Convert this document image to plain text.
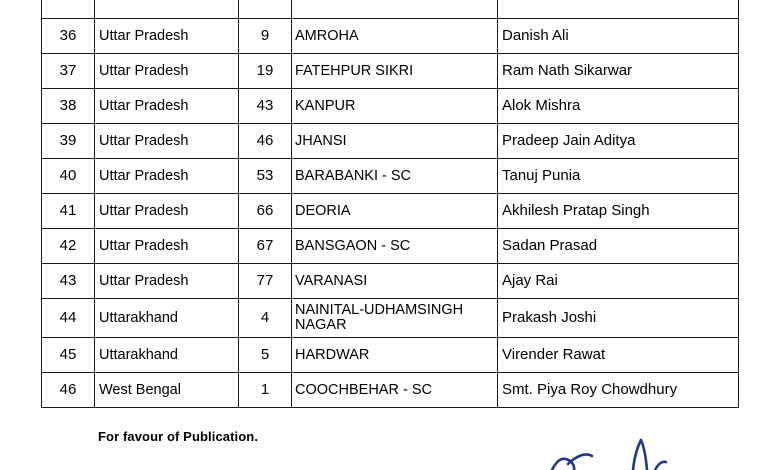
36	Uttar Pradesh	9	AMROHA	Danish Ali
37	Uttar Pradesh	19	FATEHPUR SIKRI	Ram Nath Sikarwar
38	Uttar Pradesh	43	KANPUR	Alok Mishra
39	Uttar Pradesh	46	JHANSI	Pradeep Jain Aditya
40	Uttar Pradesh	53	BARABANKI - SC	Tanuj Punia
41	Uttar Pradesh	66	DEORIA	Akhilesh Pratap Singh
42	Uttar Pradesh	67	BANSGAON - SC	Sadan Prasad
43	Uttar Pradesh	77	VARANASI	Ajay Rai
44	Uttarakhand	4	NAINITAL-UDHAMSINGH NAGAR	Prakash Joshi
45	Uttarakhand	5	HARDWAR	Virender Rawat
46	West Bengal	1	COOCHBEHAR - SC	Smt. Piya Roy Chowdhury
For favour of Publication.
